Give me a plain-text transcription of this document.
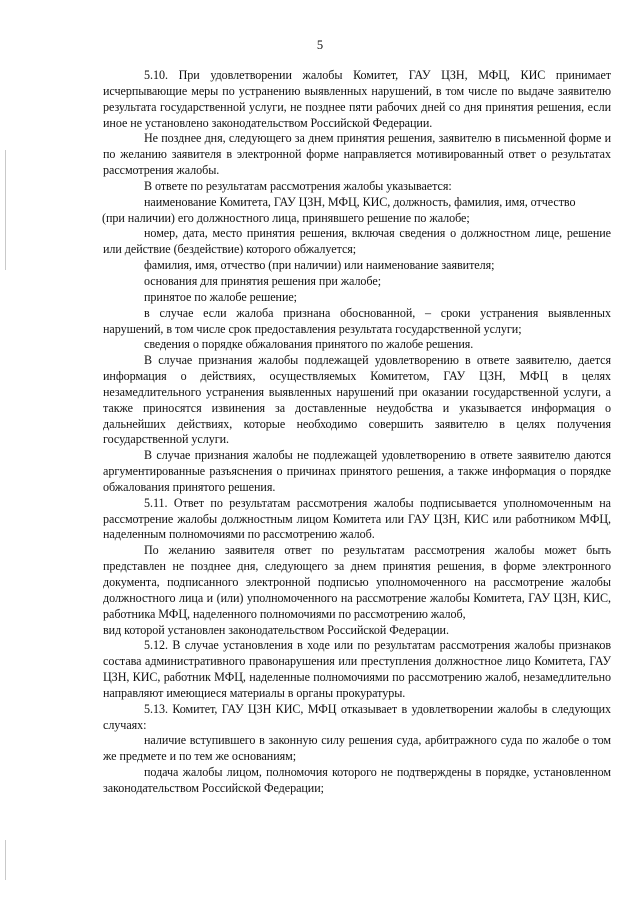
5

5.10. При удовлетворении жалобы Комитет, ГАУ ЦЗН, МФЦ, КИС принимает исчерпывающие меры по устранению выявленных нарушений, в том числе по выдаче заявителю результата государственной услуги, не позднее пяти рабочих дней со дня принятия решения, если иное не установлено законодательством Российской Федерации.

Не позднее дня, следующего за днем принятия решения, заявителю в письменной форме и по желанию заявителя в электронной форме направляется мотивированный ответ о результатах рассмотрения жалобы.

В ответе по результатам рассмотрения жалобы указывается:

наименование Комитета, ГАУ ЦЗН, МФЦ, КИС, должность, фамилия, имя, отчество

(при наличии) его должностного лица, принявшего решение по жалобе;

номер, дата, место принятия решения, включая сведения о должностном лице, решение или действие (бездействие) которого обжалуется;

фамилия, имя, отчество (при наличии) или наименование заявителя;

основания для принятия решения при жалобе;

принятое по жалобе решение;

в случае если жалоба признана обоснованной, – сроки устранения выявленных нарушений, в том числе срок предоставления результата государственной услуги;

сведения о порядке обжалования принятого по жалобе решения.

В случае признания жалобы подлежащей удовлетворению в ответе заявителю, дается информация о действиях, осуществляемых Комитетом, ГАУ ЦЗН, МФЦ в целях незамедлительного устранения выявленных нарушений при оказании государственной услуги, а также приносятся извинения за доставленные неудобства и указывается информация о дальнейших действиях, которые необходимо совершить заявителю в целях получения государственной услуги.

В случае признания жалобы не подлежащей удовлетворению в ответе заявителю даются аргументированные разъяснения о причинах принятого решения, а также информация о порядке обжалования принятого решения.

5.11. Ответ по результатам рассмотрения жалобы подписывается уполномоченным на рассмотрение жалобы должностным лицом Комитета или ГАУ ЦЗН, КИС или работником МФЦ, наделенным полномочиями по рассмотрению жалоб.

По желанию заявителя ответ по результатам рассмотрения жалобы может быть представлен не позднее дня, следующего за днем принятия решения, в форме электронного документа, подписанного электронной подписью уполномоченного на рассмотрение жалобы должностного лица и (или) уполномоченного на рассмотрение жалобы Комитета, ГАУ ЦЗН, КИС, работника МФЦ, наделенного полномочиями по рассмотрению жалоб,

вид которой установлен законодательством Российской Федерации.

5.12. В случае установления в ходе или по результатам рассмотрения жалобы признаков состава административного правонарушения или преступления должностное лицо Комитета, ГАУ ЦЗН, КИС, работник МФЦ, наделенные полномочиями по рассмотрению жалоб, незамедлительно направляют имеющиеся материалы в органы прокуратуры.

5.13. Комитет, ГАУ ЦЗН КИС, МФЦ отказывает в удовлетворении жалобы в следующих случаях:

наличие вступившего в законную силу решения суда, арбитражного суда по жалобе о том же предмете и по тем же основаниям;

подача жалобы лицом, полномочия которого не подтверждены в порядке, установленном законодательством Российской Федерации;
